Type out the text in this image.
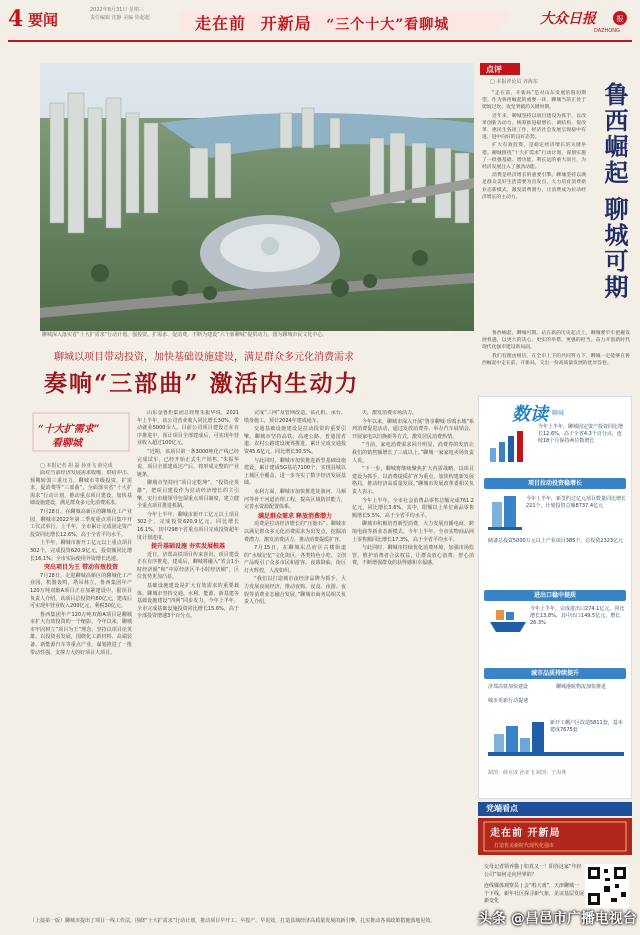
4 要闻
2022年8月31日 星期三
责任编辑 沈静 美编 徐超超	走在前 开新局 “三个十大”看聊城	大众日报	报
DAZHONG
□记者 薛克成 通讯员 郑长君 报道
聊城深入落实省“十大扩需求”行动计划，强投资、扩需求、促消费，不断为建设“六个新聊城”提供动力。图为聊城市民文化中心。
聊城以项目带动投资，加快基础设施建设，满足群众多元化消费需求
奏响“三部曲” 激活内生动力
“十大扩需求”
看聊城
□ 本报记者 胡 磊 孙亚飞 薛克成

面对当前经济发展需求收缩、供给冲击、预期转弱三重压力，聊城市等级投资，扩需求，促消费等“三部曲”，全面落实省“十大扩需求”行动计划，推动重点项目建设，加快基础设施建设，满足群众多元化消费需求。

7月28日，在聊城高新区的聊城化工产业园，聊城市2022年第二季度重点项目集中开工仪式举行。上半年，全市累计完成固定资产投资同比增长12.6%，高于全省平均水平。

上半年，聊城市新开工亿元以上重点项目302个，完成投资620.9亿元，投资额同比增长16.1%；全市实际使用外资增长迅速。

突出项目为王 带动有效投资

7月28日，走进聊城高新区的聊城化工产业园，机器轰鸣，塔吊林立，鲁西集团年产120万吨双酚A项目正在加紧建设中。据项目负责人介绍，该项目总投资约80亿元，建成后可实现年营业收入200亿元，利税30亿元。

鲁西集团年产120万吨双酚A项目是聊城市扩大有效投资的一个缩影。今年以来，聊城市牢固树立“项目为王”理念，坚持以项目论英雄、以投资看发展，围绕化工新材料、高端装备、新能源汽车等重点产业，谋划推进了一批带动性强、支撑力大的好项目大项目。

山东金鲁炬集团总经理朱振华说，2021年上半年，该公司营业收入同比增长30%，带动就业5000余人。目前公司项目建设正在有序推进中，预计项目全部建成后，可实现年营业收入超过100亿元。

“近期，该项目第一条3000吨化产线已经完成试车，已经开始正式生产销售。”朱振华说，项目全部建成达产后，将形成完整的产业链条。

聊城市坚持问“项目定乾坤”、“投资论英雄”，把项目建设作为拉动经济增长的主引擎，实行市级领导包保重点项目制度，建立健全重点项目推进机制。

今年上半年，聊城市新开工亿元以上项目302个，完成投资620.9亿元，同比增长16.1%，其中298个省重点项目完成投资超年度计划进度。

提升基础设施 夯实发展根基

近日，济郑高铁项目传来喜讯，项目建设正在有序推进。建成后，聊城将融入“省会1小时经济圈”和“中原经济区半小时经济圈”，区位优势更加凸显。

基础设施建设是扩大有效需求的重要载体。聊城市坚持交通、水利、能源、新基建等基础设施建设“四网”同步发力，今年上半年，全市完成基础设施投资同比增长15.6%，高于全部投资增速3个百分点。

完成“三网”及管网改造，钻孔桩、承台、墩身施工，预计2024年建成通车。

交通基础设施建设是拉动投资的重要引擎。聊城市坚持高铁、高速公路、普通国省道、农村公路建设统筹推进，累计完成交通投资45.6亿元，同比增长30.5%。

与此同时，聊城市加快推进新型基础设施建设，累计建成5G基站7100个，实现县城以上城区全覆盖，进一步夯实了数字经济发展基础。

水利方面，聊城市加快推进徒骇河、马颊河等骨干河道治理工程，提高区域防洪能力，完善水资源配置体系。

满足群众需求 释放消费潜力

消费是拉动经济增长的“压舱石”。聊城市以满足群众多元化消费需求为出发点，挖掘消费潜力，激发消费活力，推动消费提质扩容。

7月15日，在聊城东昌府区古楼街道的“水城记忆”文化街区，各类特色小吃、文创产品吸引了众多市民和游客。夜幕降临，街区灯火辉煌，人流如织。

“我们以打造城市夜经济品牌为抓手，大力发展夜间经济，推动夜购、夜食、夜游、夜娱等消费业态融合发展。”聊城市商务局相关负责人介绍。

天，激发消费市场活力。

今年以来，聊城市深入开展“鲁享聊城·乐购水城”系列消费促进活动，通过发放消费券、举办汽车展销会、开展家电以旧换新等方式，激发居民消费热情。

“当前，家电消费需求回升明显，消费券的发放让我们的销售额增长了三成以上。”聊城一家家电卖场负责人说。

“下一步，聊城将继续聚焦扩大内需战略，以项目建设为抓手，以消费提质扩容为重点，加快构建新发展格局，推动经济高质量发展。”聊城市发展改革委相关负责人表示。

今年上半年，全市社会消费品零售总额完成761.2亿元，同比增长3.6%。其中，限额以上单位商品零售额增长5.5%，高于全省平均水平。

聊城市积极培育新型消费，大力发展直播电商、跨境电商等新业态新模式。今年上半年，全市实物商品网上零售额同比增长17.3%，高于全省平均水平。

与此同时，聊城市持续优化消费环境，加强市场监管，维护消费者合法权益，让群众放心消费、舒心消费，不断增强群众的获得感和幸福感。

（上接第一版）聊城市提出了项目一线工作法，围绕“十大扩需求”行动计划，推动项目早开工、早投产、早见效，打造县域经济高质量发展的新引擎，扎实推动各项政策措施落地见效。
点评
□ 本报评论员 齐海东	鲁西崛起 聊城可期

“走在前，开新局”是对山东发展的殷切期望。作为鲁西崛起的重要一环，聊城当前正处于爬坡过坎、攻坚突破的关键时期。

近年来，聊城坚持以项目建设为抓手，以改革创新为动力，统筹推进稳增长、调结构、促改革、惠民生各项工作，经济社会发展呈现稳中有进、进中向好的良好态势。

扩大有效投资，是稳定经济增长的关键举措。聊城围绕“十大扩需求”行动计划，谋划实施了一批强基础、增功能、利长远的重大项目，为经济发展注入了强劲动能。

消费是经济增长的重要引擎。聊城坚持以满足群众美好生活需要为出发点，大力培育消费新业态新模式，激发消费潜力，让消费成为拉动经济增长的主动力。

鲁西崛起，聊城可期。站在新的历史起点上，聊城要牢牢把握发展机遇，以更大的决心、更实的举措、更强的担当，奋力开创新时代现代化强市建设新局面。

我们有理由相信，在全市上下的共同努力下，聊城一定能够在鲁西崛起中走在前、开新局，交出一份高质量发展的优异答卷。

数读 聊城
今年上半年，聊城固定资产投资同比增长12.6%，高于全省4.3个百分点，连续18个月保持两位数增长
项目拉动投资稳增长
今年上半年，新签约过亿元项目数量同比增长221个，计划投资总额8737.4亿元
储备总投资5000万元以上产业项目385个，总投资2323亿元
进出口稳中提质
今年上半年，完成进出口274.1亿元，同比增长13.8%，其中出口149.5亿元，增长26.3%
城市品质持续提升
济郑高铁加快建设	聊城港航物流加快推进
城市更新行动提速
新开工棚户区改造5811套，基本建成7675套
制图：薛克成 孙亚飞 制图：于海燕
党端看点
走在前 开新局
打造优美新时代现代化强市
交母记者领养猫 | 如真又一！阳谷这家“年轻公司”如何走向世界的？
连线媒体观察员 | 会“唱大戏”，天津聊城一个下线，新年社区探寻新气象，见证基层发展新变化
头条 @昌邑市广播电视台
